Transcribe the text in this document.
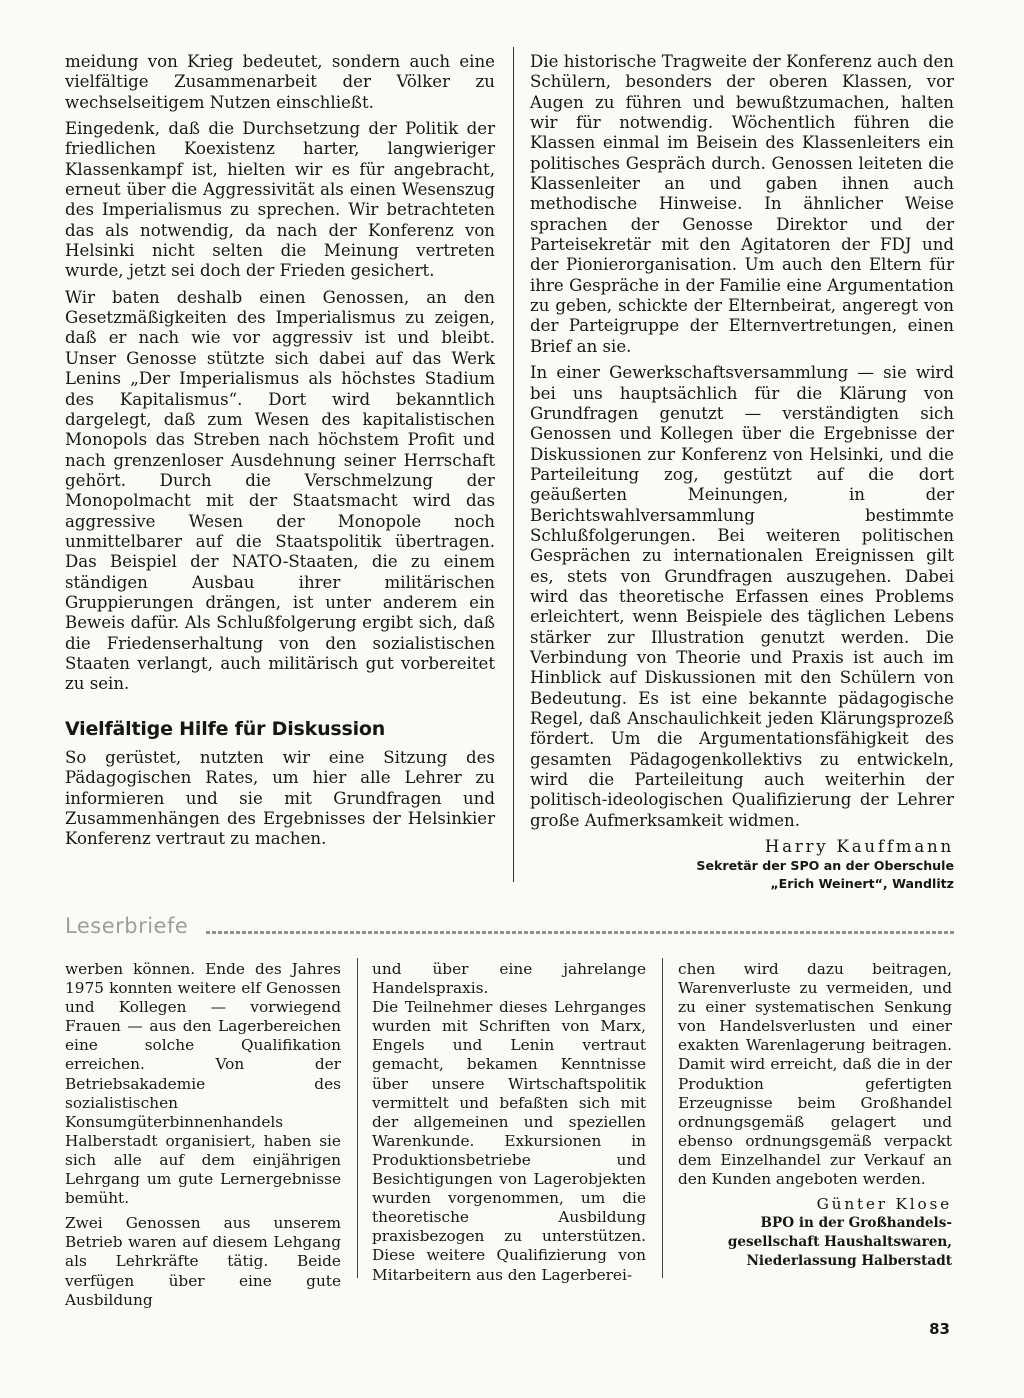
meidung von Krieg bedeutet, sondern auch eine vielfältige Zusammenarbeit der Völker zu wechselseitigem Nutzen einschließt.

Eingedenk, daß die Durchsetzung der Politik der friedlichen Koexistenz harter, langwieriger Klassenkampf ist, hielten wir es für angebracht, erneut über die Aggressivität als einen Wesenszug des Imperialismus zu sprechen. Wir betrachteten das als notwendig, da nach der Konferenz von Helsinki nicht selten die Meinung vertreten wurde, jetzt sei doch der Frieden gesichert.

Wir baten deshalb einen Genossen, an den Gesetzmäßigkeiten des Imperialismus zu zeigen, daß er nach wie vor aggressiv ist und bleibt. Unser Genosse stützte sich dabei auf das Werk Lenins „Der Imperialismus als höchstes Stadium des Kapitalismus“. Dort wird bekanntlich dargelegt, daß zum Wesen des kapitalistischen Monopols das Streben nach höchstem Profit und nach grenzenloser Ausdehnung seiner Herrschaft gehört. Durch die Verschmelzung der Monopolmacht mit der Staatsmacht wird das aggressive Wesen der Monopole noch unmittelbarer auf die Staatspolitik übertragen. Das Beispiel der NATO-Staaten, die zu einem ständigen Ausbau ihrer militärischen Gruppierungen drängen, ist unter anderem ein Beweis dafür. Als Schlußfolgerung ergibt sich, daß die Friedenserhaltung von den sozialistischen Staaten verlangt, auch militärisch gut vorbereitet zu sein.

Vielfältige Hilfe für Diskussion

So gerüstet, nutzten wir eine Sitzung des Pädagogischen Rates, um hier alle Lehrer zu informieren und sie mit Grundfragen und Zusammenhängen des Ergebnisses der Helsinkier Konferenz vertraut zu machen.

Die historische Tragweite der Konferenz auch den Schülern, besonders der oberen Klassen, vor Augen zu führen und bewußtzumachen, halten wir für notwendig. Wöchentlich führen die Klassen einmal im Beisein des Klassenleiters ein politisches Gespräch durch. Genossen leiteten die Klassenleiter an und gaben ihnen auch methodische Hinweise. In ähnlicher Weise sprachen der Genosse Direktor und der Parteisekretär mit den Agitatoren der FDJ und der Pionierorganisation. Um auch den Eltern für ihre Gespräche in der Familie eine Argumentation zu geben, schickte der Elternbeirat, angeregt von der Parteigruppe der Elternvertretungen, einen Brief an sie.

In einer Gewerkschaftsversammlung — sie wird bei uns hauptsächlich für die Klärung von Grundfragen genutzt — verständigten sich Genossen und Kollegen über die Ergebnisse der Diskussionen zur Konferenz von Helsinki, und die Parteileitung zog, gestützt auf die dort geäußerten Meinungen, in der Berichtswahlversammlung bestimmte Schlußfolgerungen. Bei weiteren politischen Gesprächen zu internationalen Ereignissen gilt es, stets von Grundfragen auszugehen. Dabei wird das theoretische Erfassen eines Problems erleichtert, wenn Beispiele des täglichen Lebens stärker zur Illustration genutzt werden. Die Verbindung von Theorie und Praxis ist auch im Hinblick auf Diskussionen mit den Schülern von Bedeutung. Es ist eine bekannte pädagogische Regel, daß Anschaulichkeit jeden Klärungsprozeß fördert. Um die Argumentationsfähigkeit des gesamten Pädagogenkollektivs zu entwickeln, wird die Parteileitung auch weiterhin der politisch-ideologischen Qualifizierung der Lehrer große Aufmerksamkeit widmen.

Harry Kauffmann
Sekretär der SPO an der Oberschule
„Erich Weinert“, Wandlitz
Leserbriefe

werben können. Ende des Jahres 1975 konnten weitere elf Genossen und Kollegen — vorwiegend Frauen — aus den Lagerbereichen eine solche Qualifikation erreichen. Von der Betriebsakademie des sozialistischen Konsumgüterbinnenhandels Halberstadt organisiert, haben sie sich alle auf dem einjährigen Lehrgang um gute Lernergebnisse bemüht.

Zwei Genossen aus unserem Betrieb waren auf diesem Lehgang als Lehrkräfte tätig. Beide verfügen über eine gute Ausbildung

und über eine jahrelange Handelspraxis.

Die Teilnehmer dieses Lehrganges wurden mit Schriften von Marx, Engels und Lenin vertraut gemacht, bekamen Kenntnisse über unsere Wirtschaftspolitik vermittelt und befaßten sich mit der allgemeinen und speziellen Warenkunde. Exkursionen in Produktionsbetriebe und Besichtigungen von Lagerobjekten wurden vorgenommen, um die theoretische Ausbildung praxisbezogen zu unterstützen. Diese weitere Qualifizierung von Mitarbeitern aus den Lagerberei-

chen wird dazu beitragen, Warenverluste zu vermeiden, und zu einer systematischen Senkung von Handelsverlusten und einer exakten Warenlagerung beitragen. Damit wird erreicht, daß die in der Produktion gefertigten Erzeugnisse beim Großhandel ordnungsgemäß gelagert und ebenso ordnungsgemäß verpackt dem Einzelhandel zur Verkauf an den Kunden angeboten werden.

Günter Klose
BPO in der Großhandels-
gesellschaft Haushaltswaren,
Niederlassung Halberstadt
83
